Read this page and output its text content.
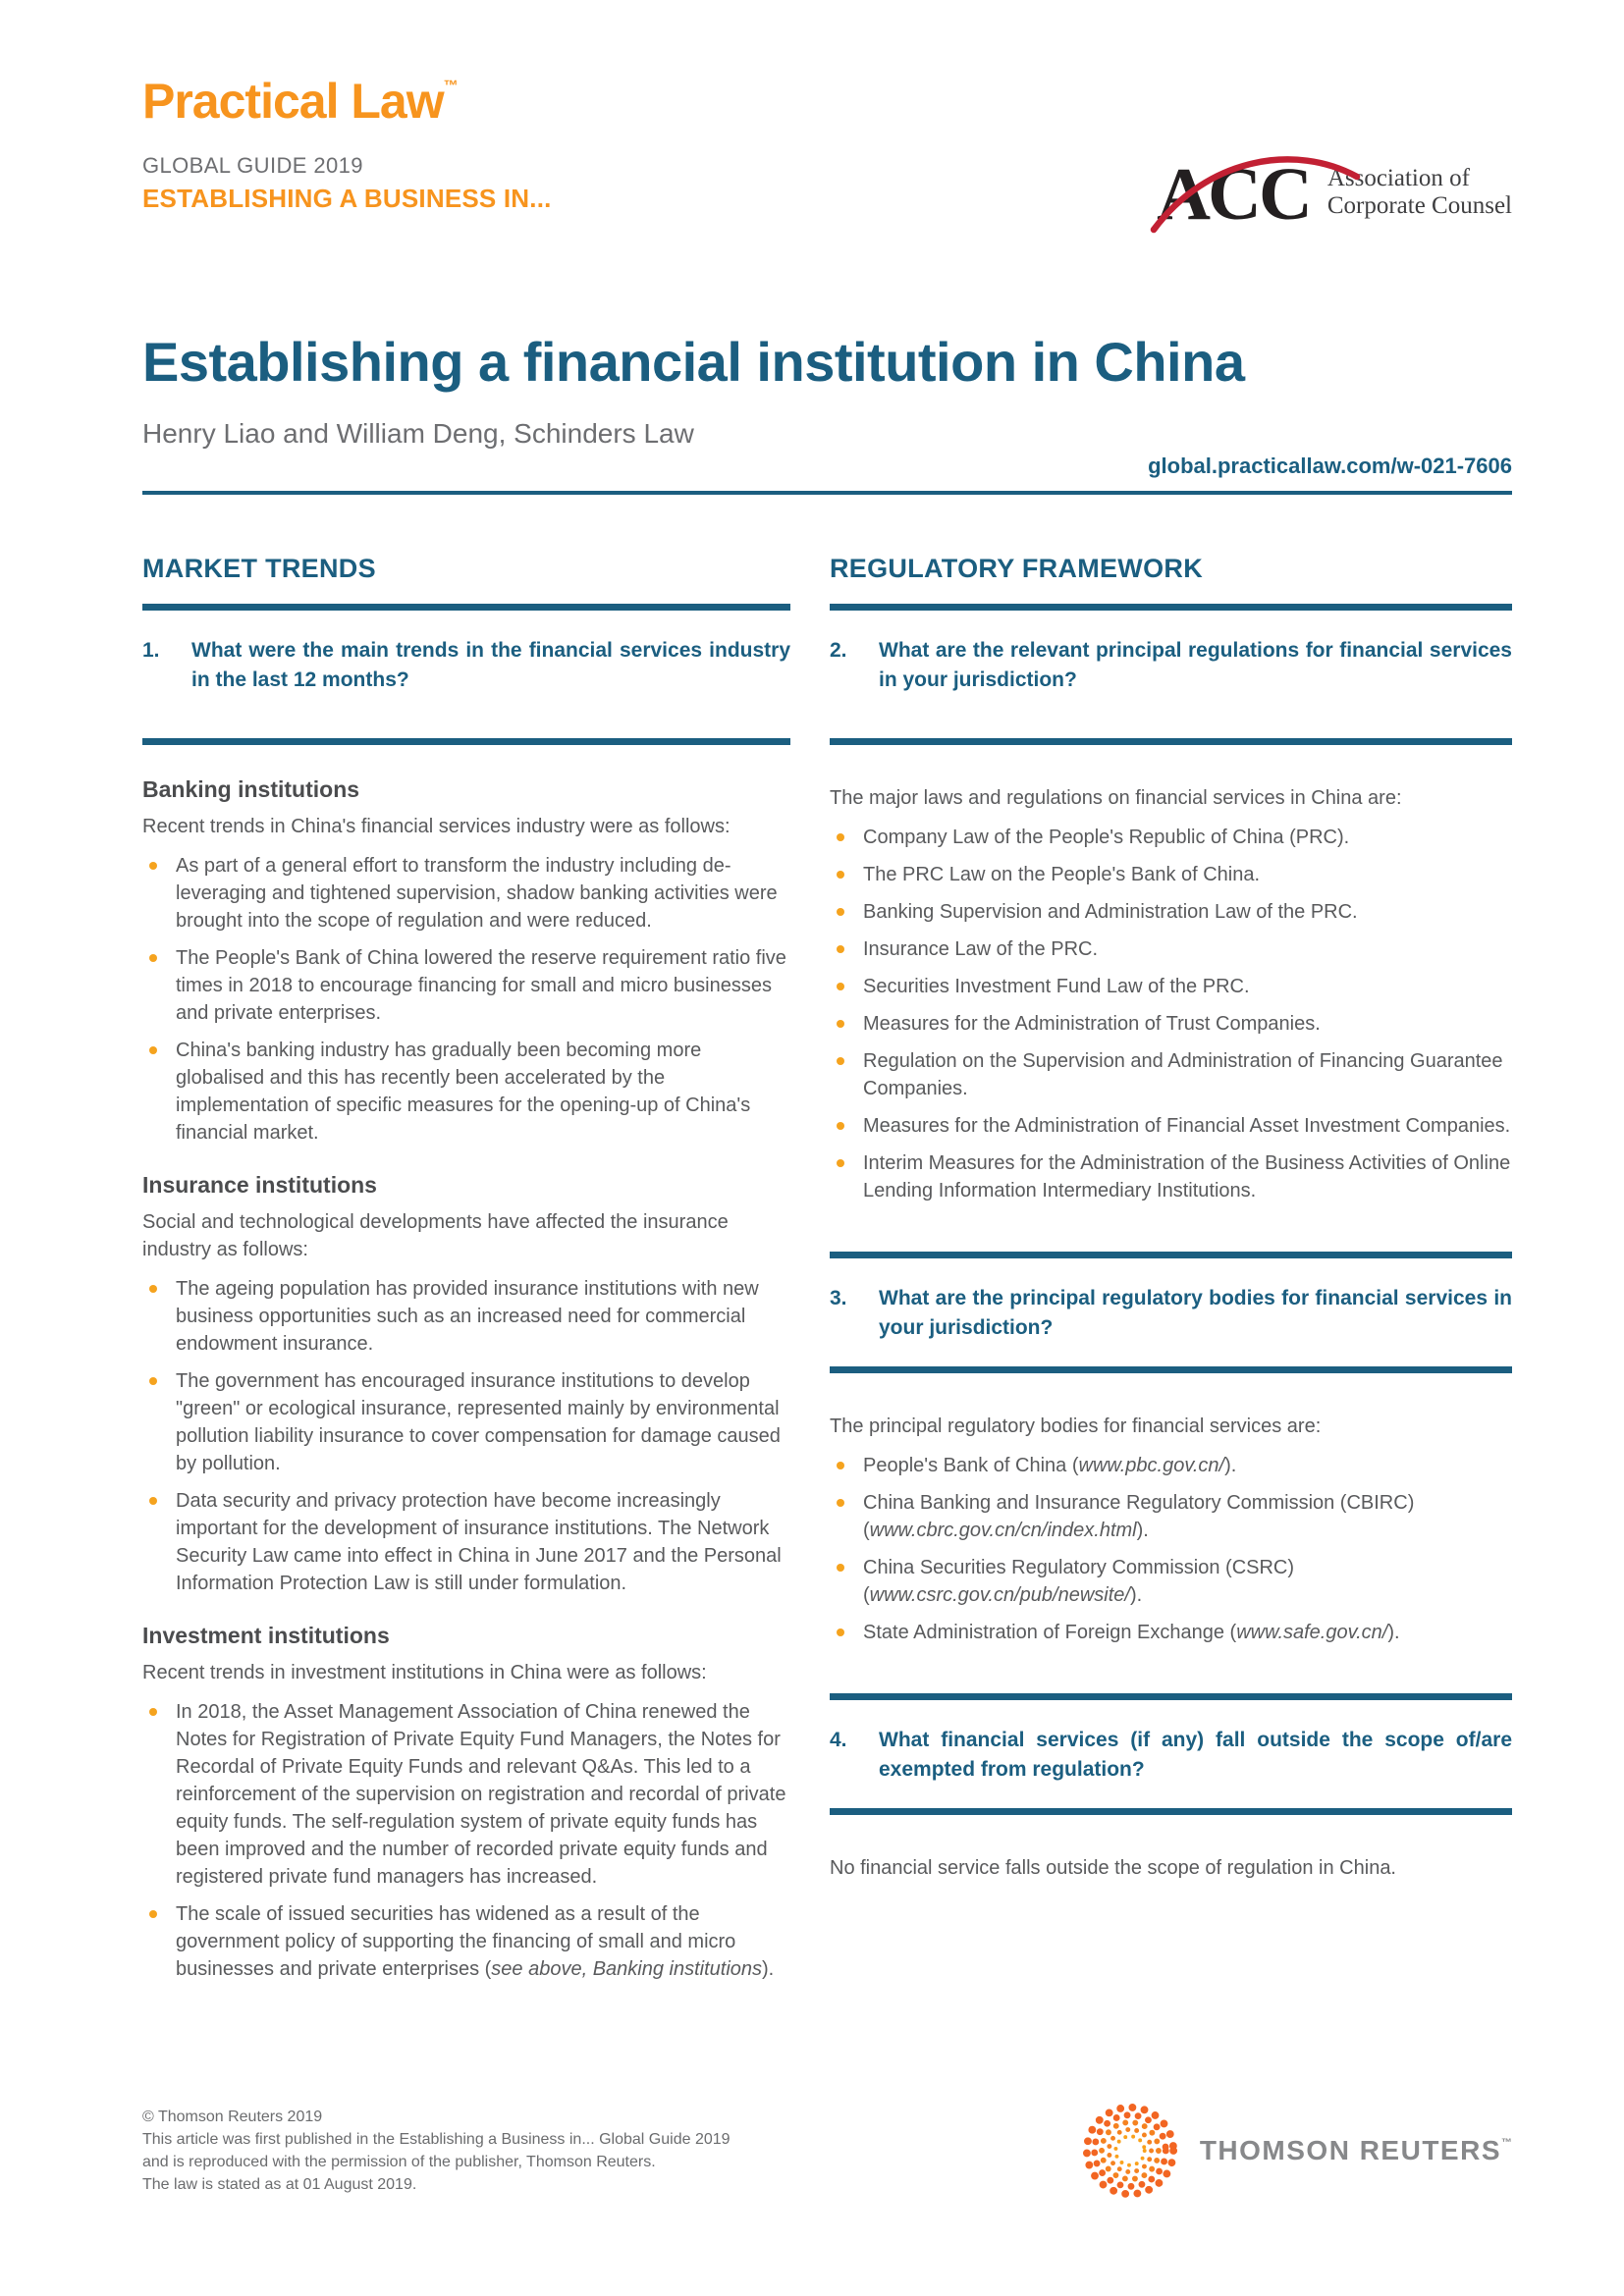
Practical Law™
GLOBAL GUIDE 2019
ESTABLISHING A BUSINESS IN...	ACC Association of
Corporate Counsel
Establishing a financial institution in China
Henry Liao and William Deng, Schinders Law
global.practicallaw.com/w-021-7606
MARKET TRENDS
1.	What were the main trends in the financial services industry in the last 12 months?
Banking institutions

Recent trends in China's financial services industry were as follows:

As part of a general effort to transform the industry including de-leveraging and tightened supervision, shadow banking activities were brought into the scope of regulation and were reduced.
The People's Bank of China lowered the reserve requirement ratio five times in 2018 to encourage financing for small and micro businesses and private enterprises.
China's banking industry has gradually been becoming more globalised and this has recently been accelerated by the implementation of specific measures for the opening-up of China's financial market.
Insurance institutions

Social and technological developments have affected the insurance industry as follows:

The ageing population has provided insurance institutions with new business opportunities such as an increased need for commercial endowment insurance.
The government has encouraged insurance institutions to develop "green" or ecological insurance, represented mainly by environmental pollution liability insurance to cover compensation for damage caused by pollution.
Data security and privacy protection have become increasingly important for the development of insurance institutions. The Network Security Law came into effect in China in June 2017 and the Personal Information Protection Law is still under formulation.
Investment institutions

Recent trends in investment institutions in China were as follows:

In 2018, the Asset Management Association of China renewed the Notes for Registration of Private Equity Fund Managers, the Notes for Recordal of Private Equity Funds and relevant Q&As. This led to a reinforcement of the supervision on registration and recordal of private equity funds. The self-regulation system of private equity funds has been improved and the number of recorded private equity funds and registered private fund managers has increased.
The scale of issued securities has widened as a result of the government policy of supporting the financing of small and micro businesses and private enterprises (see above, Banking institutions).
REGULATORY FRAMEWORK
2.	What are the relevant principal regulations for financial services in your jurisdiction?

The major laws and regulations on financial services in China are:

Company Law of the People's Republic of China (PRC).
The PRC Law on the People's Bank of China.
Banking Supervision and Administration Law of the PRC.
Insurance Law of the PRC.
Securities Investment Fund Law of the PRC.
Measures for the Administration of Trust Companies.
Regulation on the Supervision and Administration of Financing Guarantee Companies.
Measures for the Administration of Financial Asset Investment Companies.
Interim Measures for the Administration of the Business Activities of Online Lending Information Intermediary Institutions.
3.	What are the principal regulatory bodies for financial services in your jurisdiction?

The principal regulatory bodies for financial services are:

People's Bank of China (www.pbc.gov.cn/).
China Banking and Insurance Regulatory Commission (CBIRC) (www.cbrc.gov.cn/cn/index.html).
China Securities Regulatory Commission (CSRC) (www.csrc.gov.cn/pub/newsite/).
State Administration of Foreign Exchange (www.safe.gov.cn/).
4.	What financial services (if any) fall outside the scope of/are exempted from regulation?

No financial service falls outside the scope of regulation in China.

© Thomson Reuters 2019
This article was first published in the Establishing a Business in... Global Guide 2019
and is reproduced with the permission of the publisher, Thomson Reuters.
The law is stated as at 01 August 2019.
THOMSON REUTERS™
